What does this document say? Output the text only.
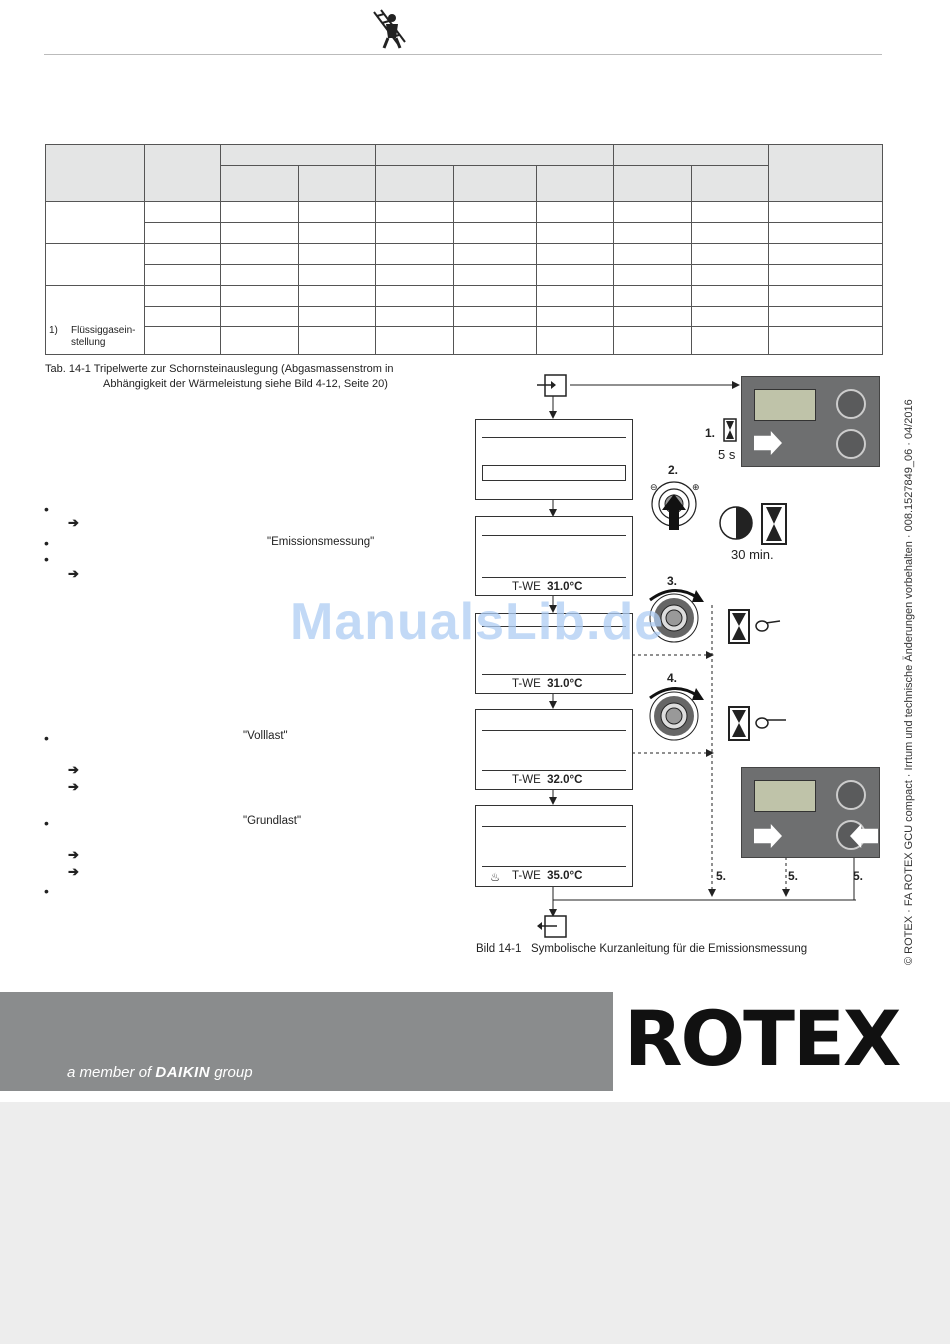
1) Flüssiggasein-
stellung
Tab. 14-1 Tripelwerte zur Schornsteinauslegung (Abgasmassenstrom in
Abhängigkeit der Wärmeleistung siehe Bild 4-12, Seite 20)
•
➔
•	"Emissionsmessung"
•
➔
•	"Volllast"
➔
➔
•	"Grundlast"
➔
➔
•
T-WE 31.0°C
T-WE 31.0°C
T-WE 32.0°C
♨ T-WE 35.0°C
1.
5 s
2.
30 min.
3.
4.
5.	5.	5.
⊖	⊕
Bild 14-1 Symbolische Kurzanleitung für die Emissionsmessung
ManualsLib.de	© ROTEX · FA ROTEX GCU compact · Irrtum und technische Änderungen vorbehalten · 008.1527849_06 · 04/2016
a member of DAIKIN group	ROTEX
